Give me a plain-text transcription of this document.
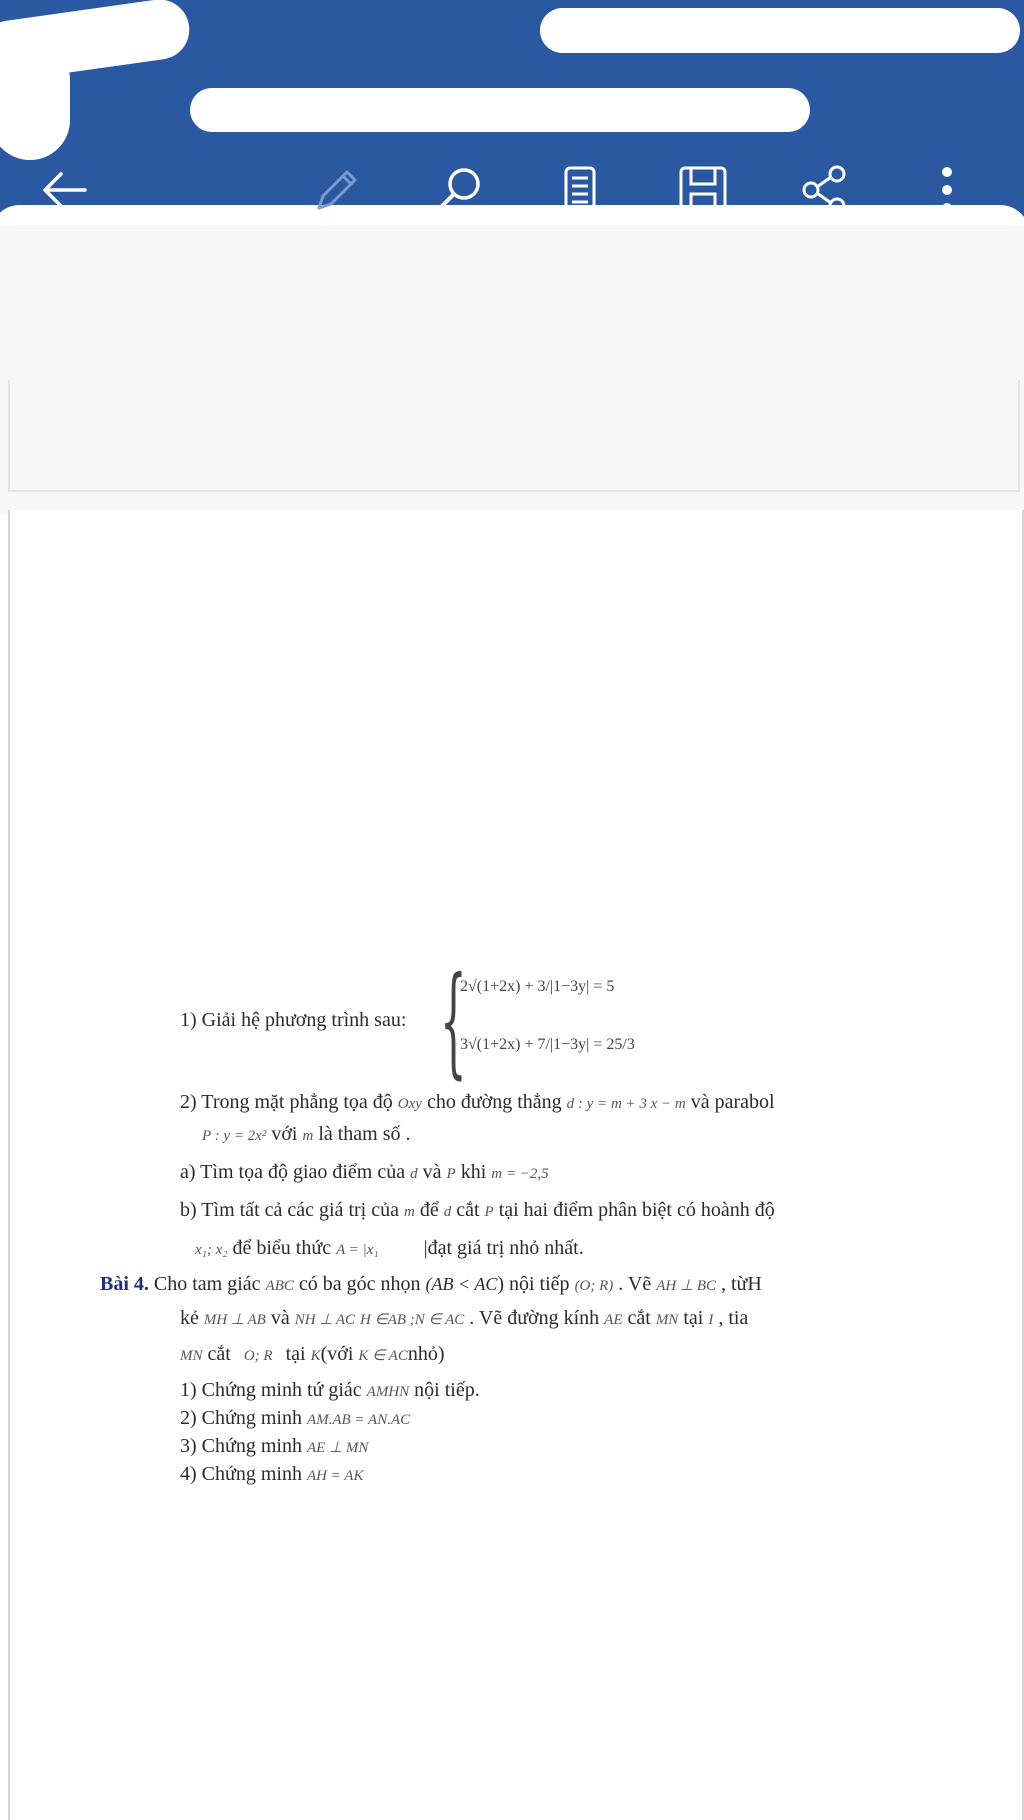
1) Giải hệ phương trình sau: {
2√(1+2x) + 3/|1−3y| = 5
3√(1+2x) + 7/|1−3y| = 25/3
2) Trong mặt phẳng tọa độ Oxy cho đường thẳng d : y = m + 3 x − m và parabol
P : y = 2x² với m là tham số .
a) Tìm tọa độ giao điểm của d và P khi m = −2,5
b) Tìm tất cả các giá trị của m để d cắt P tại hai điểm phân biệt có hoành độ
x₁; x₂ để biểu thức A = |x₁ |đạt giá trị nhỏ nhất.
Bài 4. Cho tam giác ABC có ba góc nhọn (AB < AC) nội tiếp (O; R) . Vẽ AH ⊥ BC , từH
kẻ MH ⊥ AB và NH ⊥ AC H ∈AB ;N ∈ AC . Vẽ đường kính AE cắt MN tại I , tia
MN cắt O; R tại K(với K ∈ ACnhỏ)
1) Chứng minh tứ giác AMHN nội tiếp.
2) Chứng minh AM.AB = AN.AC
3) Chứng minh AE ⊥ MN
4) Chứng minh AH = AK
